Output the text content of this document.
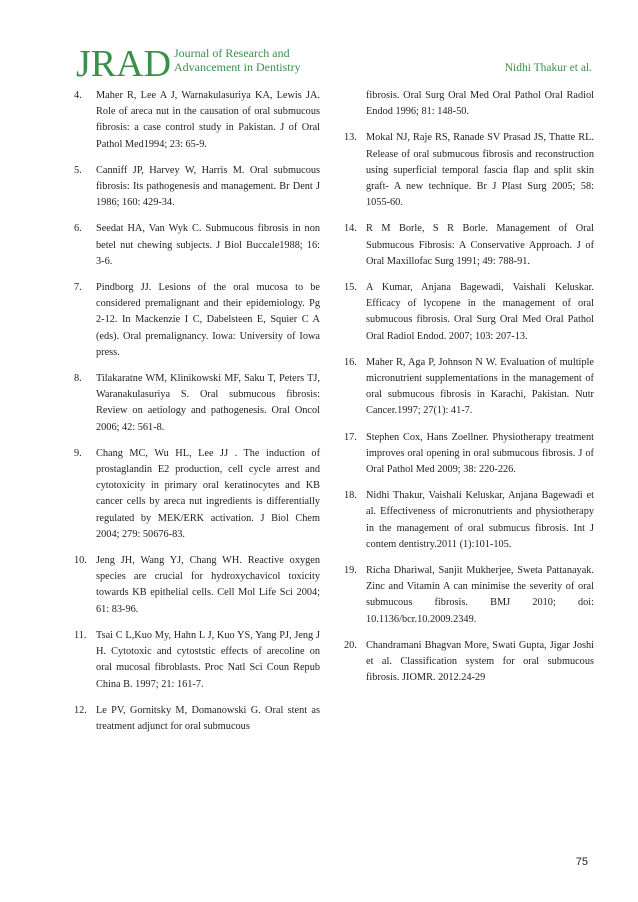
JRAD Journal of Research and
Advancement in Dentistry	Nidhi Thakur et al.
4. Maher R, Lee A J, Warnakulasuriya KA, Lewis JA. Role of areca nut in the causation of oral submucous fibrosis: a case control study in Pakistan. J of Oral Pathol Med1994; 23: 65-9.
5. Canniff JP, Harvey W, Harris M. Oral submucous fibrosis: Its pathogenesis and management. Br Dent J 1986; 160: 429-34.
6. Seedat HA, Van Wyk C. Submucous fibrosis in non betel nut chewing subjects. J Biol Buccale1988; 16: 3-6.
7. Pindborg JJ. Lesions of the oral mucosa to be considered premalignant and their epidemiology. Pg 2-12. In Mackenzie I C, Dabelsteen E, Squier C A (eds). Oral premalignancy. Iowa: University of Iowa press.
8. Tilakaratne WM, Klinikowski MF, Saku T, Peters TJ, Waranakulasuriya S. Oral submucous fibrosis: Review on aetiology and pathogenesis. Oral Oncol 2006; 42: 561-8.
9. Chang MC, Wu HL, Lee JJ . The induction of prostaglandin E2 production, cell cycle arrest and cytotoxicity in primary oral keratinocytes and KB cancer cells by areca nut ingredients is differentially regulated by MEK/ERK activation. J Biol Chem 2004; 279: 50676-83.
10. Jeng JH, Wang YJ, Chang WH. Reactive oxygen species are crucial for hydroxychavicol toxicity towards KB epithelial cells. Cell Mol Life Sci 2004; 61: 83-96.
11. Tsai C L,Kuo My, Hahn L J, Kuo YS, Yang PJ, Jeng J H. Cytotoxic and cytoststic effects of arecoline on oral mucosal fibroblasts. Proc Natl Sci Coun Repub China B. 1997; 21: 161-7.
12. Le PV, Gornitsky M, Domanowski G. Oral stent as treatment adjunct for oral submucous
fibrosis. Oral Surg Oral Med Oral Pathol Oral Radiol Endod 1996; 81: 148-50.
13. Mokal NJ, Raje RS, Ranade SV Prasad JS, Thatte RL. Release of oral submucous fibrosis and reconstruction using superficial temporal fascia flap and split skin graft- A new technique. Br J Plast Surg 2005; 58: 1055-60.
14. R M Borle, S R Borle. Management of Oral Submucous Fibrosis: A Conservative Approach. J of Oral Maxillofac Surg 1991; 49: 788-91.
15. A Kumar, Anjana Bagewadi, Vaishali Keluskar. Efficacy of lycopene in the management of oral submucous fibrosis. Oral Surg Oral Med Oral Pathol Oral Radiol Endod. 2007; 103: 207-13.
16. Maher R, Aga P, Johnson N W. Evaluation of multiple micronutrient supplementations in the management of oral submucous fibrosis in Karachi, Pakistan. Nutr Cancer.1997; 27(1): 41-7.
17. Stephen Cox, Hans Zoellner. Physiotherapy treatment improves oral opening in oral submucous fibrosis. J of Oral Pathol Med 2009; 38: 220-226.
18. Nidhi Thakur, Vaishali Keluskar, Anjana Bagewadi et al. Effectiveness of micronutrients and physiotherapy in the management of oral submucus fibrosis. Int J contem dentistry.2011 (1):101-105.
19. Richa Dhariwal, Sanjit Mukherjee, Sweta Pattanayak. Zinc and Vitamin A can minimise the severity of oral submucous fibrosis. BMJ 2010; doi: 10.1136/bcr.10.2009.2349.
20. Chandramani Bhagvan More, Swati Gupta, Jigar Joshi et al. Classification system for oral submucous fibrosis. JIOMR. 2012.24-29
75
